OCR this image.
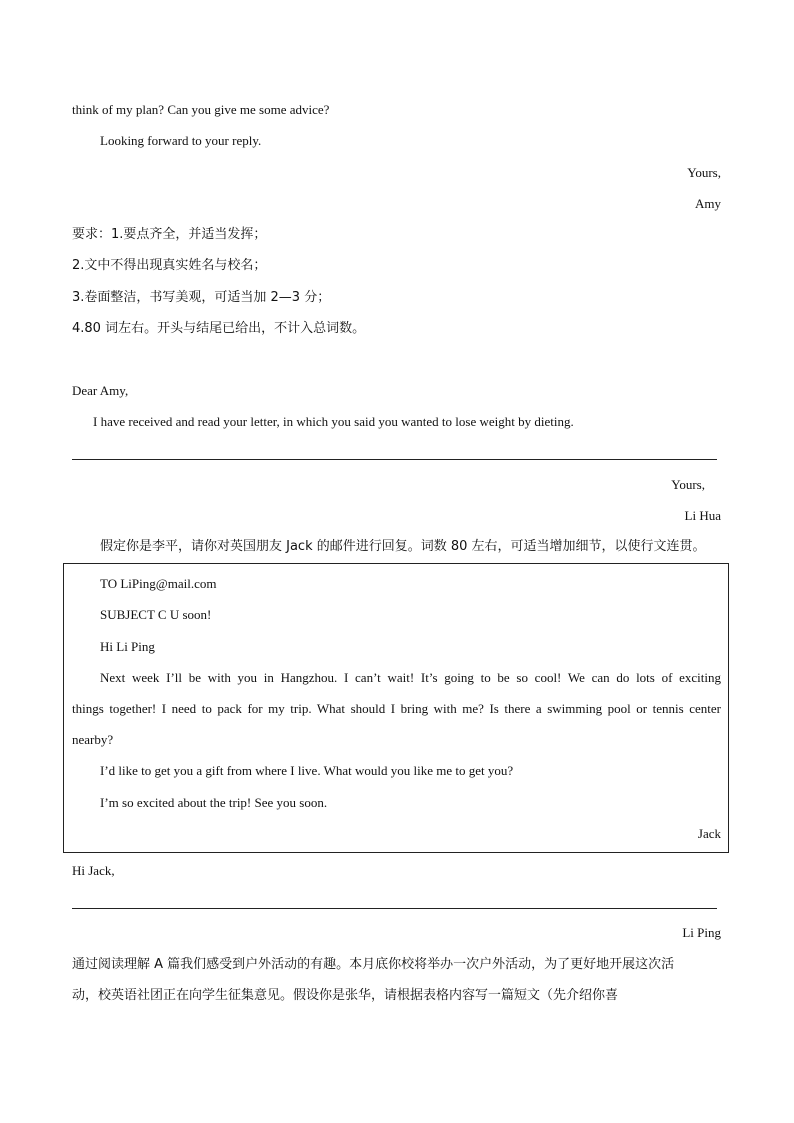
think of my plan? Can you give me some advice?
Looking forward to your reply.
Yours,
Amy
要求：1.要点齐全，并适当发挥；
2.文中不得出现真实姓名与校名；
3.卷面整洁，书写美观，可适当加 2—3 分；
4.80 词左右。开头与结尾已给出，不计入总词数。
Dear Amy,
I have received and read your letter, in which you said you wanted to lose weight by dieting.
Yours,
Li Hua
假定你是李平，请你对英国朋友 Jack 的邮件进行回复。词数 80 左右，可适当增加细节，以使行文连贯。
TO LiPing@mail.com
SUBJECT C U soon!
Hi Li Ping
Next week I’ll be with you in Hangzhou. I can’t wait! It’s going to be so cool! We can do lots of exciting
things together! I need to pack for my trip. What should I bring with me? Is there a swimming pool or tennis center
nearby?
I’d like to get you a gift from where I live. What would you like me to get you?
I’m so excited about the trip! See you soon.
Jack
Hi Jack,
Li Ping
通过阅读理解 A 篇我们感受到户外活动的有趣。本月底你校将举办一次户外活动，为了更好地开展这次活
动，校英语社团正在向学生征集意见。假设你是张华，请根据表格内容写一篇短文（先介绍你喜
